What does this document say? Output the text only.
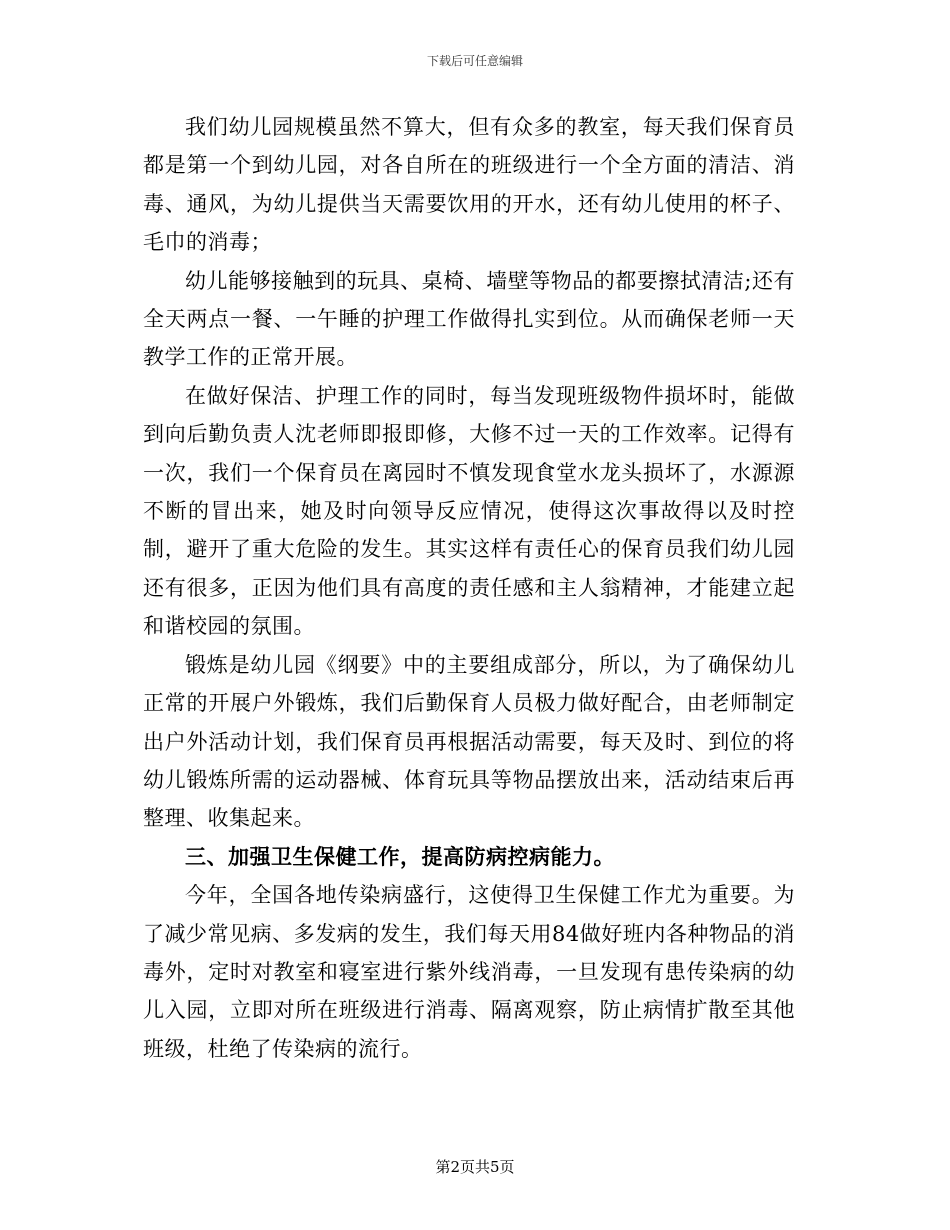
下载后可任意编辑

我们幼儿园规模虽然不算大，但有众多的教室，每天我们保育员都是第一个到幼儿园，对各自所在的班级进行一个全方面的清洁、消毒、通风，为幼儿提供当天需要饮用的开水，还有幼儿使用的杯子、毛巾的消毒；

幼儿能够接触到的玩具、桌椅、墙壁等物品的都要擦拭清洁;还有全天两点一餐、一午睡的护理工作做得扎实到位。从而确保老师一天教学工作的正常开展。

在做好保洁、护理工作的同时，每当发现班级物件损坏时，能做到向后勤负责人沈老师即报即修，大修不过一天的工作效率。记得有一次，我们一个保育员在离园时不慎发现食堂水龙头损坏了，水源源不断的冒出来，她及时向领导反应情况，使得这次事故得以及时控制，避开了重大危险的发生。其实这样有责任心的保育员我们幼儿园还有很多，正因为他们具有高度的责任感和主人翁精神，才能建立起和谐校园的氛围。

锻炼是幼儿园《纲要》中的主要组成部分，所以，为了确保幼儿正常的开展户外锻炼，我们后勤保育人员极力做好配合，由老师制定出户外活动计划，我们保育员再根据活动需要，每天及时、到位的将幼儿锻炼所需的运动器械、体育玩具等物品摆放出来，活动结束后再整理、收集起来。

三、加强卫生保健工作，提高防病控病能力。

今年，全国各地传染病盛行，这使得卫生保健工作尤为重要。为了减少常见病、多发病的发生，我们每天用84做好班内各种物品的消毒外，定时对教室和寝室进行紫外线消毒，一旦发现有患传染病的幼儿入园，立即对所在班级进行消毒、隔离观察，防止病情扩散至其他班级，杜绝了传染病的流行。

第2页共5页
